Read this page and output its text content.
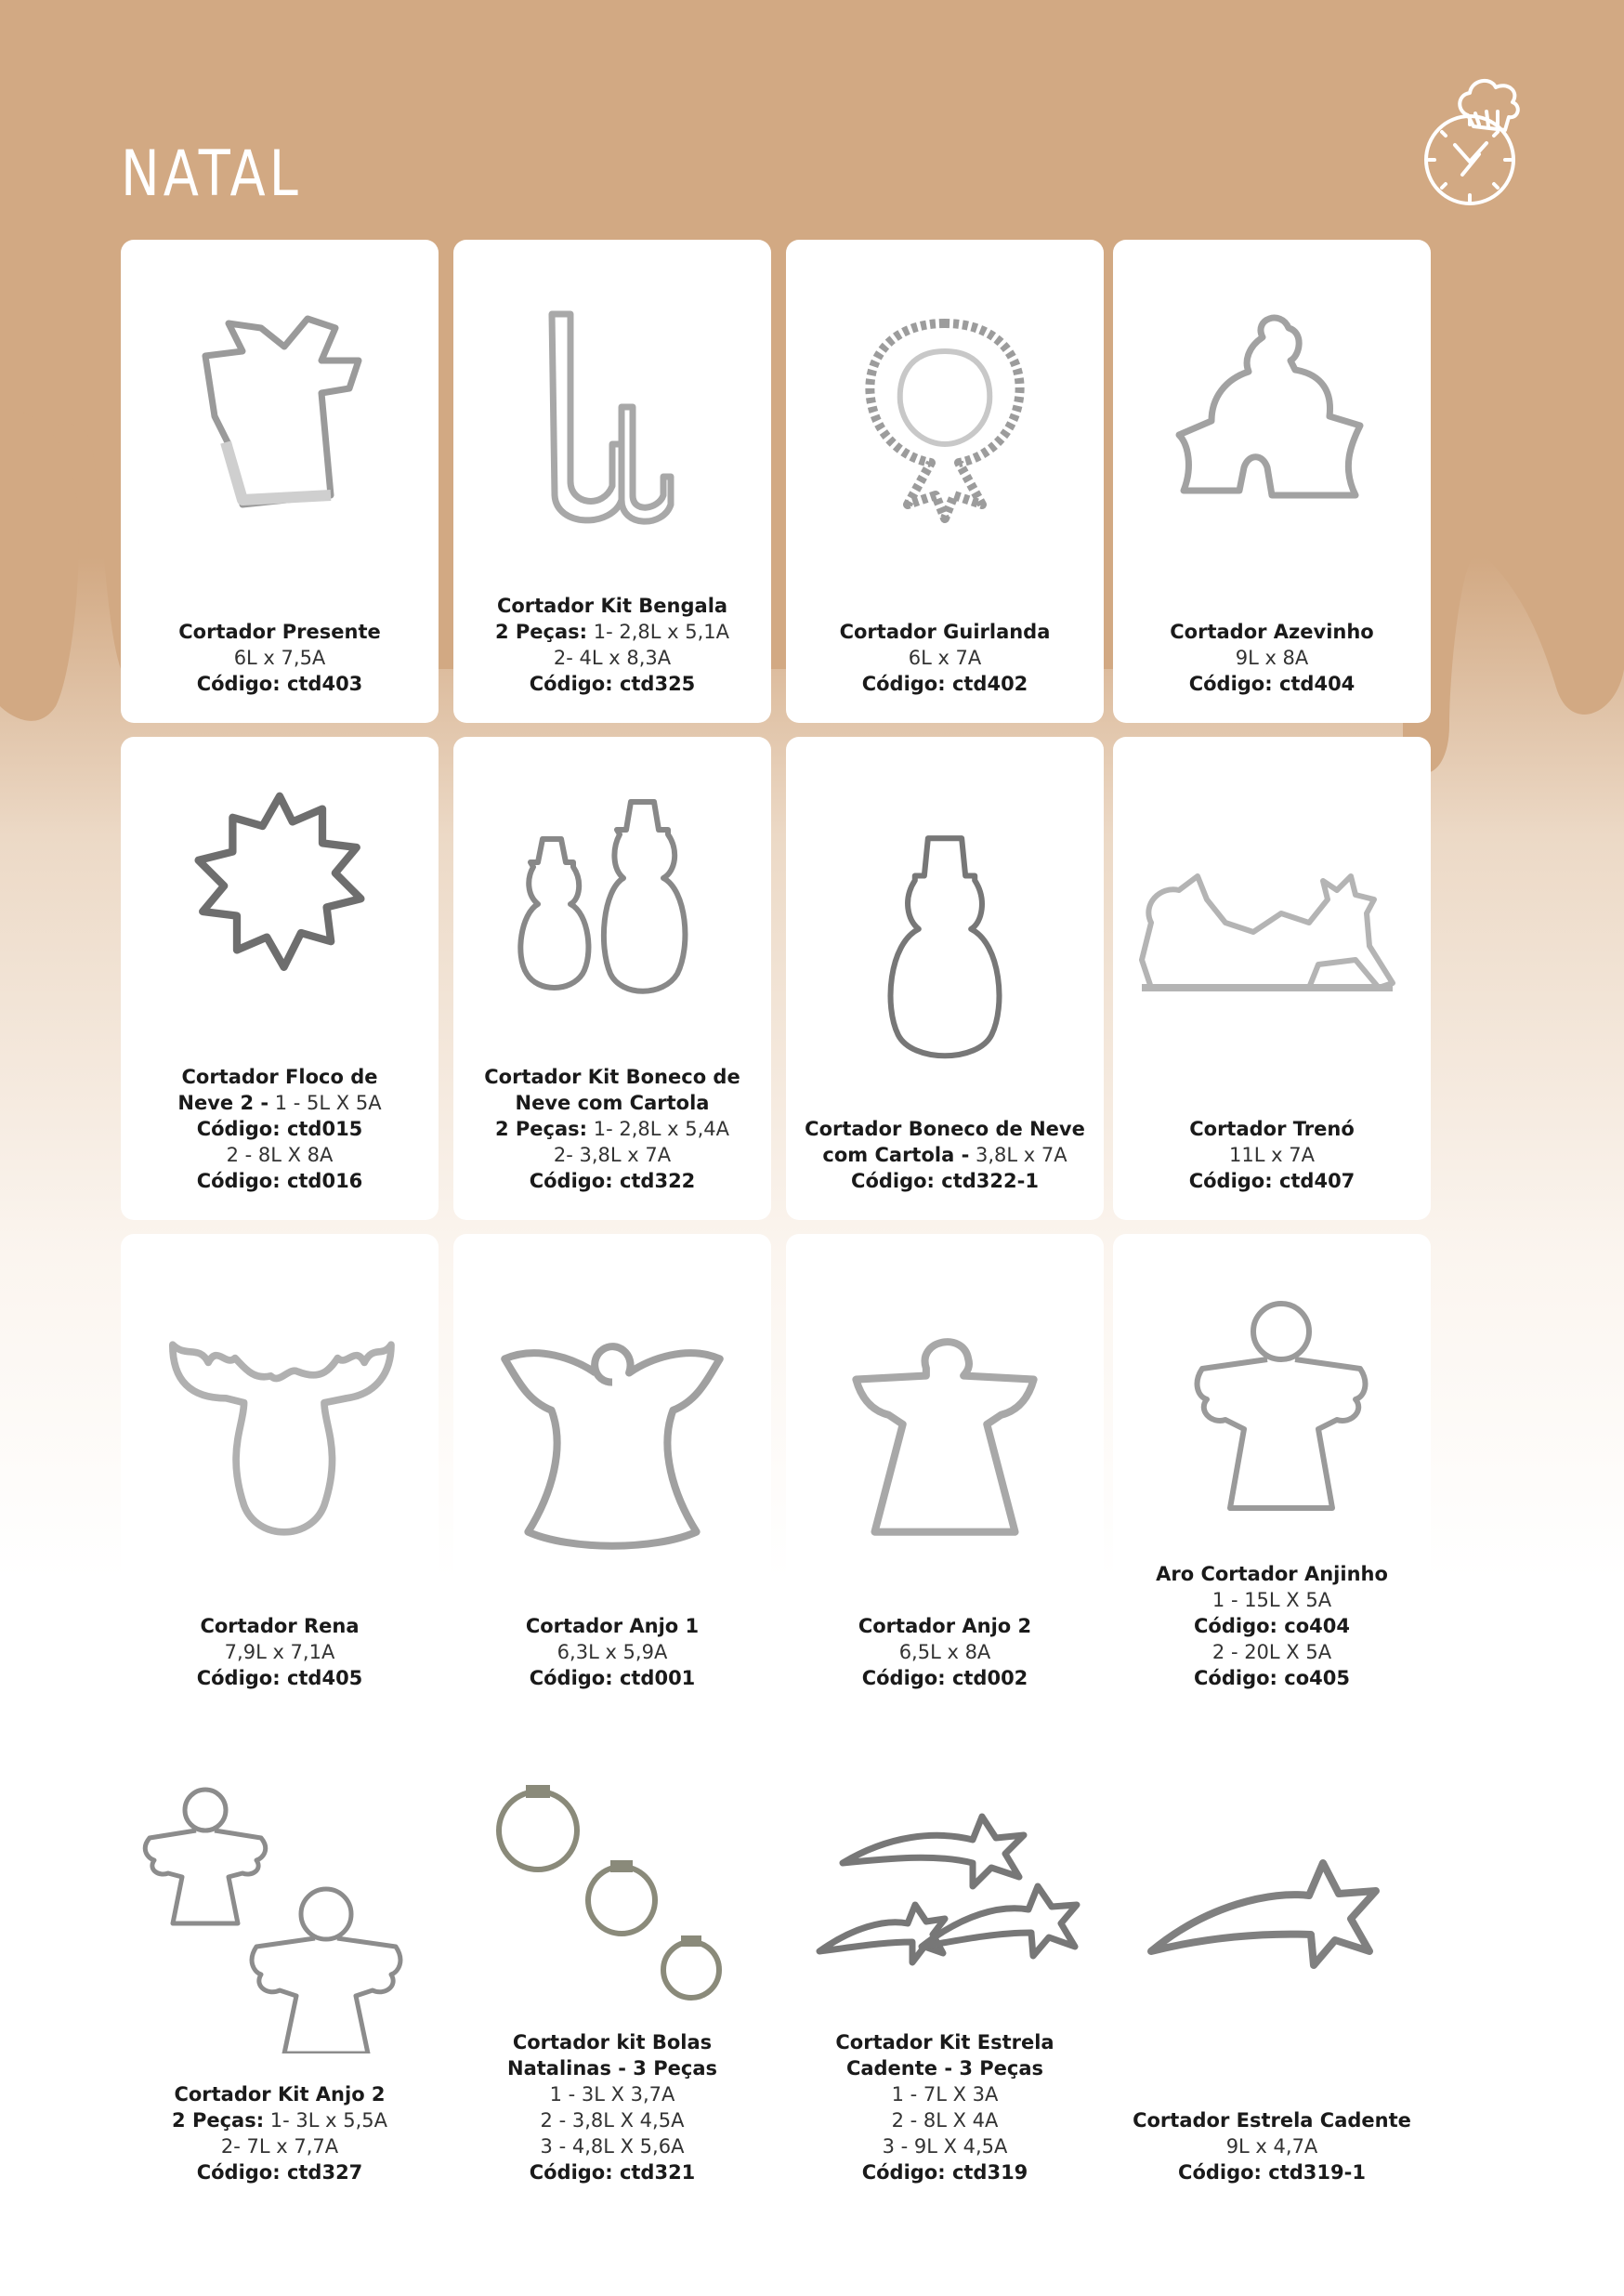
NATAL
Cortador Presente
6L x 7,5A
Código: ctd403
Cortador Kit Bengala
2 Peças: 1- 2,8L x 5,1A
2- 4L x 8,3A
Código: ctd325
Cortador Guirlanda
6L x 7A
Código: ctd402
Cortador Azevinho
9L x 8A
Código: ctd404
Cortador Floco de
Neve 2 - 1 - 5L X 5A
Código: ctd015
2 - 8L X 8A
Código: ctd016
Cortador Kit Boneco de
Neve com Cartola
2 Peças: 1- 2,8L x 5,4A
2- 3,8L x 7A
Código: ctd322
Cortador Boneco de Neve
com Cartola - 3,8L x 7A
Código: ctd322-1
Cortador Trenó
11L x 7A
Código: ctd407
Cortador Rena
7,9L x 7,1A
Código: ctd405
Cortador Anjo 1
6,3L x 5,9A
Código: ctd001
Cortador Anjo 2
6,5L x 8A
Código: ctd002
Aro Cortador Anjinho
1 - 15L X 5A
Código: co404
2 - 20L X 5A
Código: co405
Cortador Kit Anjo 2
2 Peças: 1- 3L x 5,5A
2- 7L x 7,7A
Código: ctd327
Cortador kit Bolas
Natalinas - 3 Peças
1 - 3L X 3,7A
2 - 3,8L X 4,5A
3 - 4,8L X 5,6A
Código: ctd321
Cortador Kit Estrela
Cadente - 3 Peças
1 - 7L X 3A
2 - 8L X 4A
3 - 9L X 4,5A
Código: ctd319
Cortador Estrela Cadente
9L x 4,7A
Código: ctd319-1
